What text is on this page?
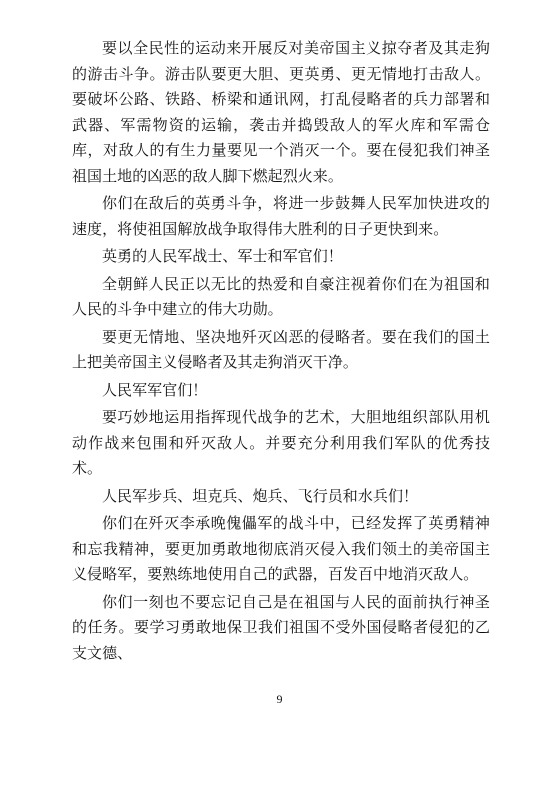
要以全民性的运动来开展反对美帝国主义掠夺者及其走狗的游击斗争。游击队要更大胆、更英勇、更无情地打击敌人。要破坏公路、铁路、桥梁和通讯网，打乱侵略者的兵力部署和武器、军需物资的运输，袭击并捣毁敌人的军火库和军需仓库，对敌人的有生力量要见一个消灭一个。要在侵犯我们神圣祖国土地的凶恶的敌人脚下燃起烈火来。

你们在敌后的英勇斗争，将进一步鼓舞人民军加快进攻的速度，将使祖国解放战争取得伟大胜利的日子更快到来。

英勇的人民军战士、军士和军官们！

全朝鲜人民正以无比的热爱和自豪注视着你们在为祖国和人民的斗争中建立的伟大功勋。

要更无情地、坚决地歼灭凶恶的侵略者。要在我们的国土上把美帝国主义侵略者及其走狗消灭干净。

人民军军官们！

要巧妙地运用指挥现代战争的艺术，大胆地组织部队用机动作战来包围和歼灭敌人。并要充分利用我们军队的优秀技术。

人民军步兵、坦克兵、炮兵、飞行员和水兵们！

你们在歼灭李承晚傀儡军的战斗中，已经发挥了英勇精神和忘我精神，要更加勇敢地彻底消灭侵入我们领土的美帝国主义侵略军，要熟练地使用自己的武器，百发百中地消灭敌人。

你们一刻也不要忘记自己是在祖国与人民的面前执行神圣的任务。要学习勇敢地保卫我们祖国不受外国侵略者侵犯的乙支文德、

9
